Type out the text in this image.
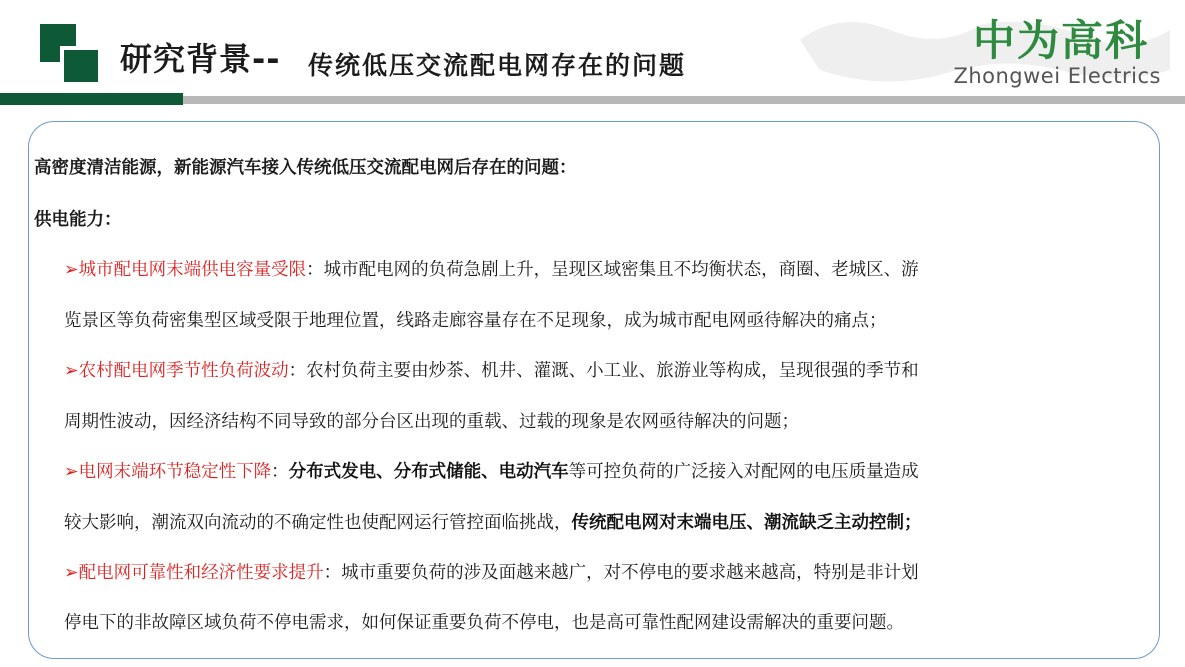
研究背景-- 传统低压交流配电网存在的问题
中为高科
Zhongwei Electrics
高密度清洁能源，新能源汽车接入传统低压交流配电网后存在的问题：
供电能力：
➢城市配电网末端供电容量受限：城市配电网的负荷急剧上升，呈现区域密集且不均衡状态，商圈、老城区、游
览景区等负荷密集型区域受限于地理位置，线路走廊容量存在不足现象，成为城市配电网亟待解决的痛点；
➢农村配电网季节性负荷波动：农村负荷主要由炒茶、机井、灌溉、小工业、旅游业等构成，呈现很强的季节和
周期性波动，因经济结构不同导致的部分台区出现的重载、过载的现象是农网亟待解决的问题；
➢电网末端环节稳定性下降：分布式发电、分布式储能、电动汽车等可控负荷的广泛接入对配网的电压质量造成
较大影响，潮流双向流动的不确定性也使配网运行管控面临挑战，传统配电网对末端电压、潮流缺乏主动控制；
➢配电网可靠性和经济性要求提升：城市重要负荷的涉及面越来越广，对不停电的要求越来越高，特别是非计划
停电下的非故障区域负荷不停电需求，如何保证重要负荷不停电，也是高可靠性配网建设需解决的重要问题。
